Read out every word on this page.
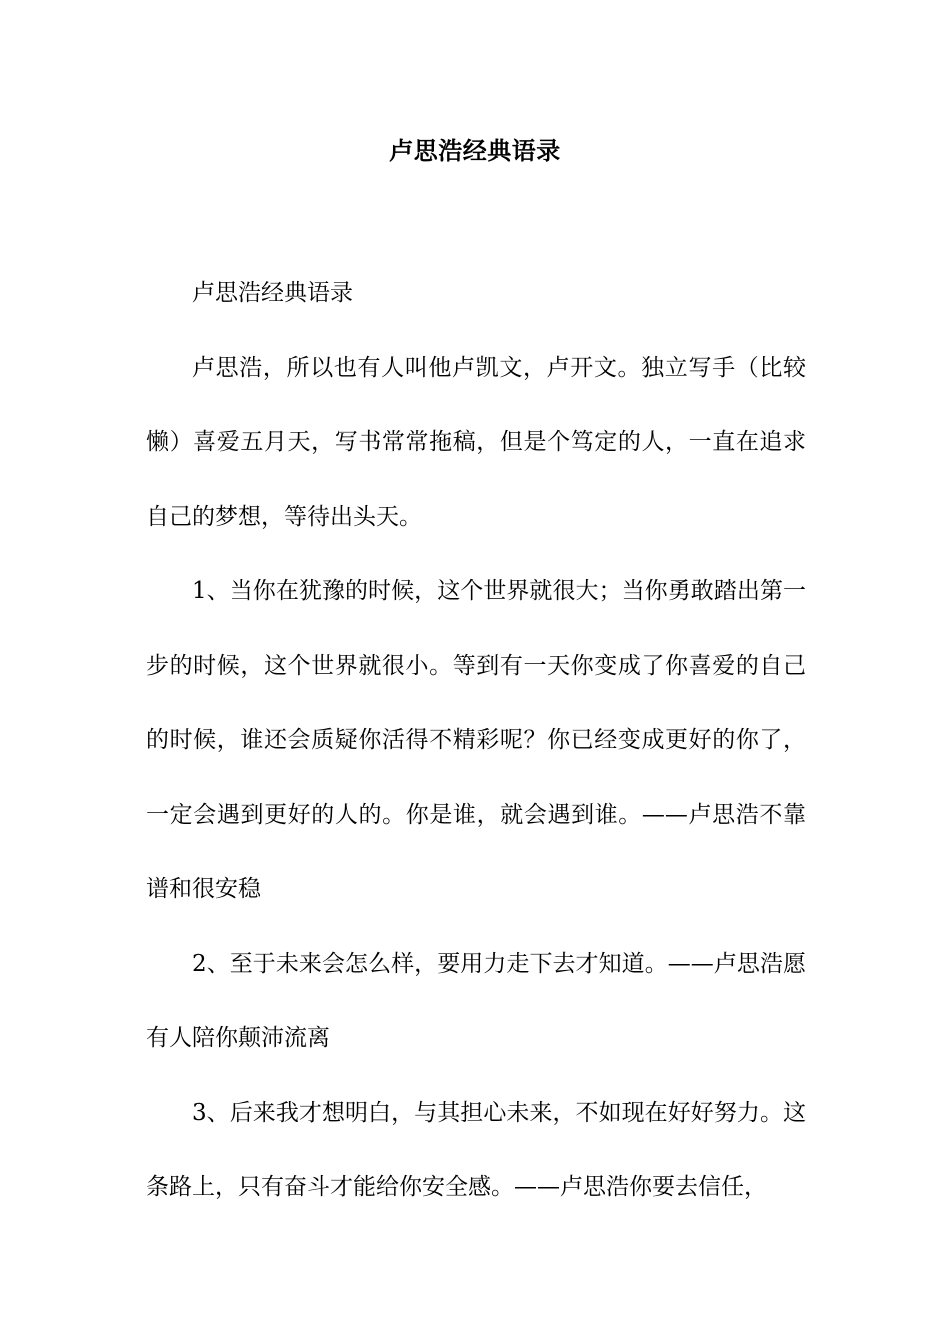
卢思浩经典语录

卢思浩经典语录

卢思浩，所以也有人叫他卢凯文，卢开文。独立写手（比较懒）喜爱五月天，写书常常拖稿，但是个笃定的人，一直在追求自己的梦想，等待出头天。

1、当你在犹豫的时候，这个世界就很大；当你勇敢踏出第一步的时候，这个世界就很小。等到有一天你变成了你喜爱的自己的时候，谁还会质疑你活得不精彩呢？你已经变成更好的你了，一定会遇到更好的人的。你是谁，就会遇到谁。——卢思浩不靠谱和很安稳

2、至于未来会怎么样，要用力走下去才知道。——卢思浩愿有人陪你颠沛流离

3、后来我才想明白，与其担心未来，不如现在好好努力。这条路上，只有奋斗才能给你安全感。——卢思浩你要去信任，
